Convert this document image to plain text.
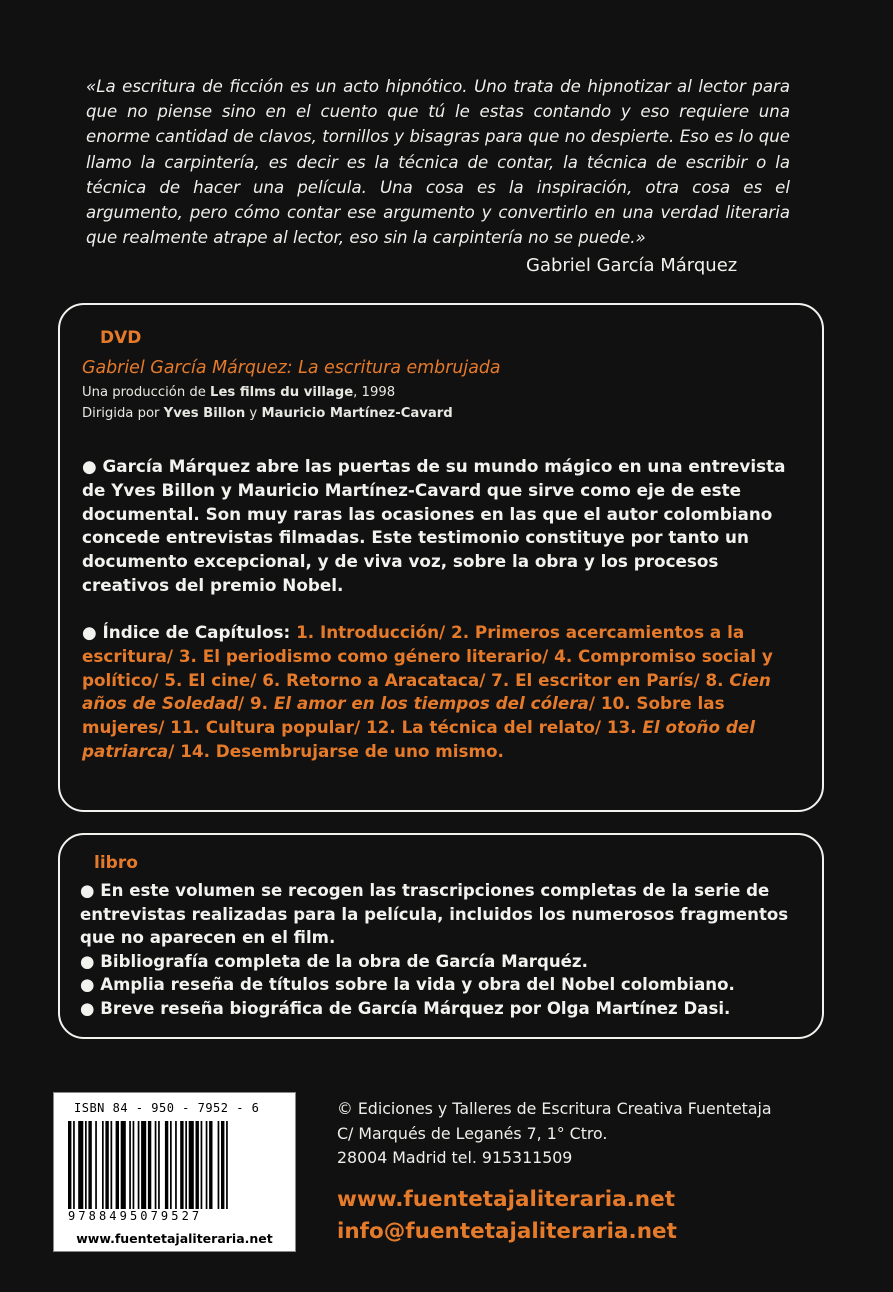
«La escritura de ficción es un acto hipnótico. Uno trata de hipnotizar al lector para que no piense sino en el cuento que tú le estas contando y eso requiere una enorme cantidad de clavos, tornillos y bisagras para que no despierte. Eso es lo que llamo la carpintería, es decir es la técnica de contar, la técnica de escribir o la técnica de hacer una película. Una cosa es la inspiración, otra cosa es el argumento, pero cómo contar ese argumento y convertirlo en una verdad literaria que realmente atrape al lector, eso sin la carpintería no se puede.»

Gabriel García Márquez
DVD
Gabriel García Márquez: La escritura embrujada
Una producción de Les films du village, 1998
Dirigida por Yves Billon y Mauricio Martínez-Cavard

● García Márquez abre las puertas de su mundo mágico en una entrevista de Yves Billon y Mauricio Martínez-Cavard que sirve como eje de este documental. Son muy raras las ocasiones en las que el autor colombiano concede entrevistas filmadas. Este testimonio constituye por tanto un documento excepcional, y de viva voz, sobre la obra y los procesos creativos del premio Nobel.

● Índice de Capítulos: 1. Introducción/ 2. Primeros acercamientos a la escritura/ 3. El periodismo como género literario/ 4. Compromiso social y político/ 5. El cine/ 6. Retorno a Aracataca/ 7. El escritor en París/ 8. Cien años de Soledad/ 9. El amor en los tiempos del cólera/ 10. Sobre las mujeres/ 11. Cultura popular/ 12. La técnica del relato/ 13. El otoño del patriarca/ 14. Desembrujarse de uno mismo.

libro
● En este volumen se recogen las trascripciones completas de la serie de entrevistas realizadas para la película, incluidos los numerosos fragmentos que no aparecen en el film.
● Bibliografía completa de la obra de García Marquéz.
● Amplia reseña de títulos sobre la vida y obra del Nobel colombiano.
● Breve reseña biográfica de García Márquez por Olga Martínez Dasi.
ISBN 84 - 950 - 7952 - 6
9788495079527
www.fuentetajaliteraria.net
© Ediciones y Talleres de Escritura Creativa Fuentetaja
C/ Marqués de Leganés 7, 1° Ctro.
28004 Madrid tel. 915311509
www.fuentetajaliteraria.net
info@fuentetajaliteraria.net
